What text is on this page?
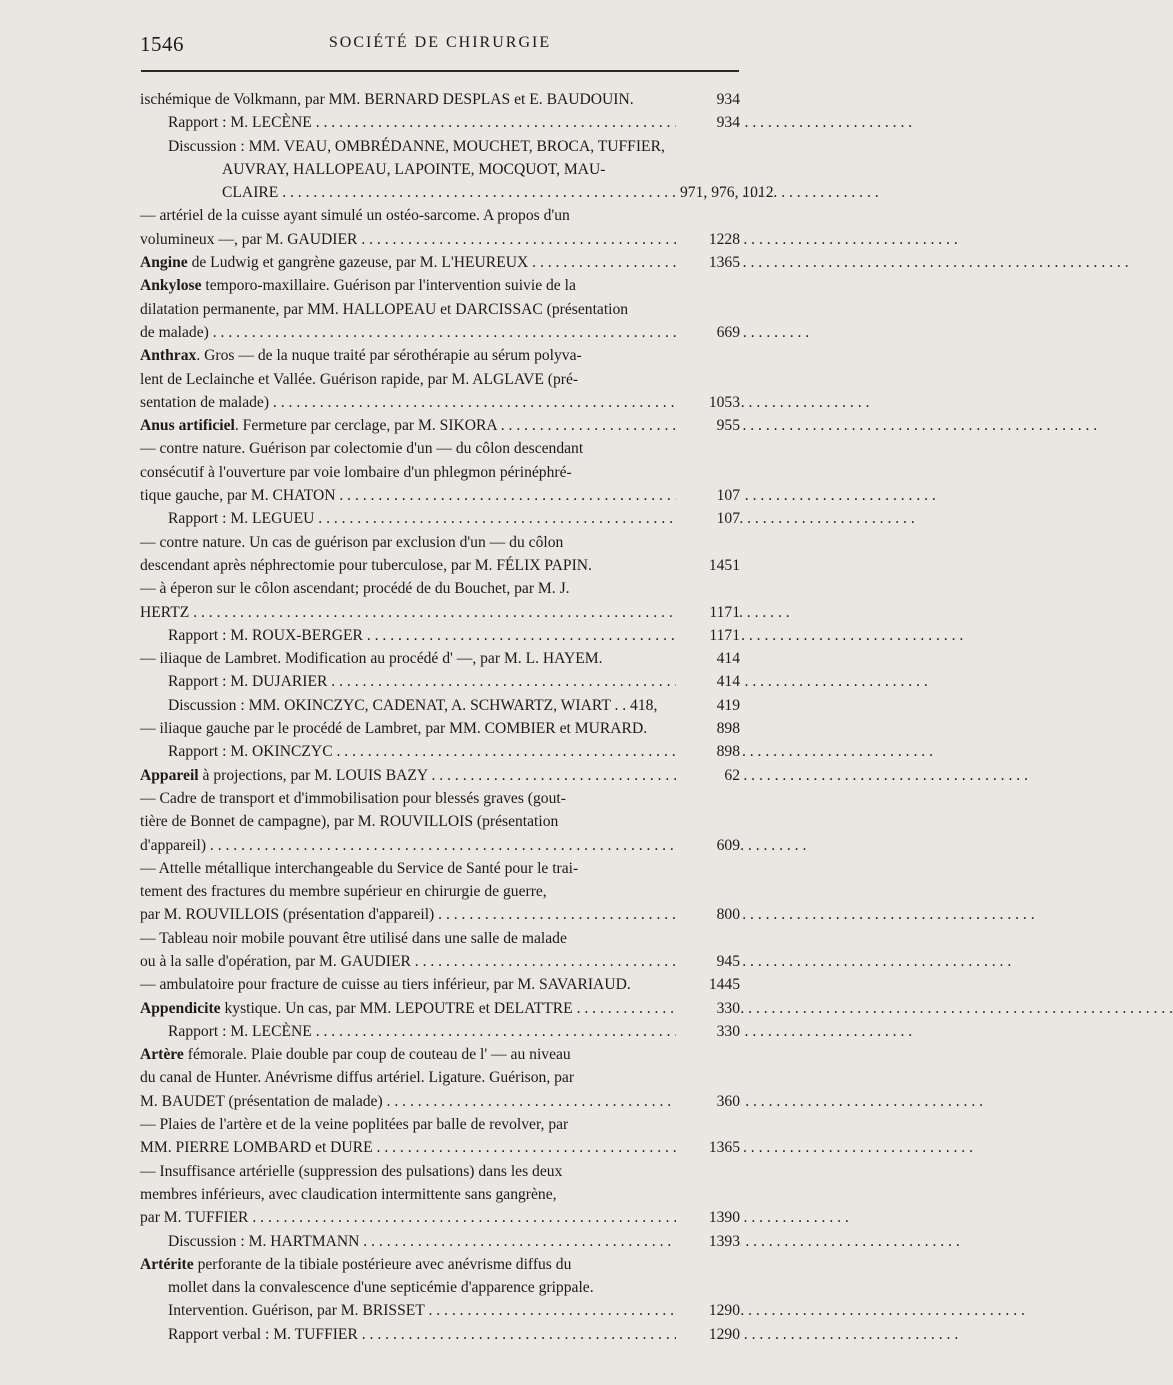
1546	SOCIÉTÉ DE CHIRURGIE
ischémique de Volkmann, par MM. BERNARD DESPLAS et E. BAUDOUIN.	934
Rapport : M. LECÈNE . . .	934
Discussion : MM. VEAU, OMBRÉDANNE, MOUCHET, BROCA, TUFFIER,
AUVRAY, HALLOPEAU, LAPOINTE, MOCQUOT, MAU-
CLAIRE . . .	971, 976, 1012
— artériel de la cuisse ayant simulé un ostéo-sarcome. A propos d'un
volumineux —, par M. GAUDIER . . .	1228
Angine de Ludwig et gangrène gazeuse, par M. L'HEUREUX . . .	1365
Ankylose temporo-maxillaire. Guérison par l'intervention suivie de la
dilatation permanente, par MM. HALLOPEAU et DARCISSAC (présentation
de malade) . . .	669
Anthrax. Gros — de la nuque traité par sérothérapie au sérum polyva-
lent de Leclainche et Vallée. Guérison rapide, par M. ALGLAVE (pré-
sentation de malade) . . .	1053
Anus artificiel. Fermeture par cerclage, par M. SIKORA . . .	955
— contre nature. Guérison par colectomie d'un — du côlon descendant
consécutif à l'ouverture par voie lombaire d'un phlegmon périnéphré-
tique gauche, par M. CHATON . . .	107
Rapport : M. LEGUEU . . .	107
— contre nature. Un cas de guérison par exclusion d'un — du côlon
descendant après néphrectomie pour tuberculose, par M. FÉLIX PAPIN.	1451
— à éperon sur le côlon ascendant; procédé de du Bouchet, par M. J.
HERTZ . . .	1171
Rapport : M. ROUX-BERGER . . .	1171
— iliaque de Lambret. Modification au procédé d' —, par M. L. HAYEM.	414
Rapport : M. DUJARIER . . .	414
Discussion : MM. OKINCZYC, CADENAT, A. SCHWARTZ, WIART . . 418,	419
— iliaque gauche par le procédé de Lambret, par MM. COMBIER et MURARD.	898
Rapport : M. OKINCZYC . . .	898
Appareil à projections, par M. LOUIS BAZY . . .	62
— Cadre de transport et d'immobilisation pour blessés graves (gout-
tière de Bonnet de campagne), par M. ROUVILLOIS (présentation
d'appareil) . . .	609
— Attelle métallique interchangeable du Service de Santé pour le trai-
tement des fractures du membre supérieur en chirurgie de guerre,
par M. ROUVILLOIS (présentation d'appareil) . . .	800
— Tableau noir mobile pouvant être utilisé dans une salle de malade
ou à la salle d'opération, par M. GAUDIER . . .	945
— ambulatoire pour fracture de cuisse au tiers inférieur, par M. SAVARIAUD.	1445
Appendicite kystique. Un cas, par MM. LEPOUTRE et DELATTRE . . .	330
Rapport : M. LECÈNE . . .	330
Artère fémorale. Plaie double par coup de couteau de l' — au niveau
du canal de Hunter. Anévrisme diffus artériel. Ligature. Guérison, par
M. BAUDET (présentation de malade) . . .	360
— Plaies de l'artère et de la veine poplitées par balle de revolver, par
MM. PIERRE LOMBARD et DURE . . .	1365
— Insuffisance artérielle (suppression des pulsations) dans les deux
membres inférieurs, avec claudication intermittente sans gangrène,
par M. TUFFIER . . .	1390
Discussion : M. HARTMANN . . .	1393
Artérite perforante de la tibiale postérieure avec anévrisme diffus du
mollet dans la convalescence d'une septicémie d'apparence grippale.
Intervention. Guérison, par M. BRISSET . . .	1290
Rapport verbal : M. TUFFIER . . .	1290
